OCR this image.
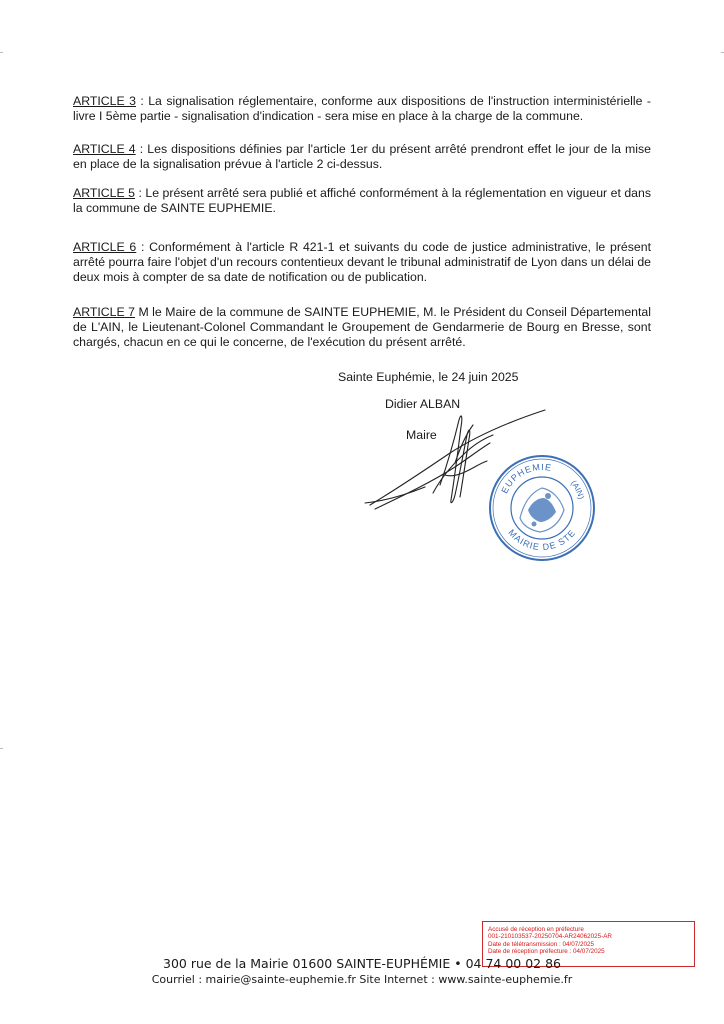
ARTICLE 3 : La signalisation réglementaire, conforme aux dispositions de l'instruction interministérielle - livre I 5ème partie - signalisation d'indication - sera mise en place à la charge de la commune.
ARTICLE 4 : Les dispositions définies par l'article 1er du présent arrêté prendront effet le jour de la mise en place de la signalisation prévue à l'article 2 ci-dessus.
ARTICLE 5 : Le présent arrêté sera publié et affiché conformément à la réglementation en vigueur et dans la commune de SAINTE EUPHEMIE.
ARTICLE 6 : Conformément à l'article R 421-1 et suivants du code de justice administrative, le présent arrêté pourra faire l'objet d'un recours contentieux devant le tribunal administratif de Lyon dans un délai de deux mois à compter de sa date de notification ou de publication.
ARTICLE 7 M le Maire de la commune de SAINTE EUPHEMIE, M. le Président du Conseil Départemental de L'AIN, le Lieutenant-Colonel Commandant le Groupement de Gendarmerie de Bourg en Bresse, sont chargés, chacun en ce qui le concerne, de l'exécution du présent arrêté.
Sainte Euphémie, le 24 juin 2025
Didier ALBAN
Maire
EUPHEMIE
(AIN)
MAIRIE DE STE
Accusé de réception en préfecture
001-210103537-20250704-AR24062025-AR
Date de télétransmission : 04/07/2025
Date de réception préfecture : 04/07/2025
300 rue de la Mairie 01600 SAINTE-EUPHÉMIE • 04 74 00 02 86
Courriel : mairie@sainte-euphemie.fr Site Internet : www.sainte-euphemie.fr
